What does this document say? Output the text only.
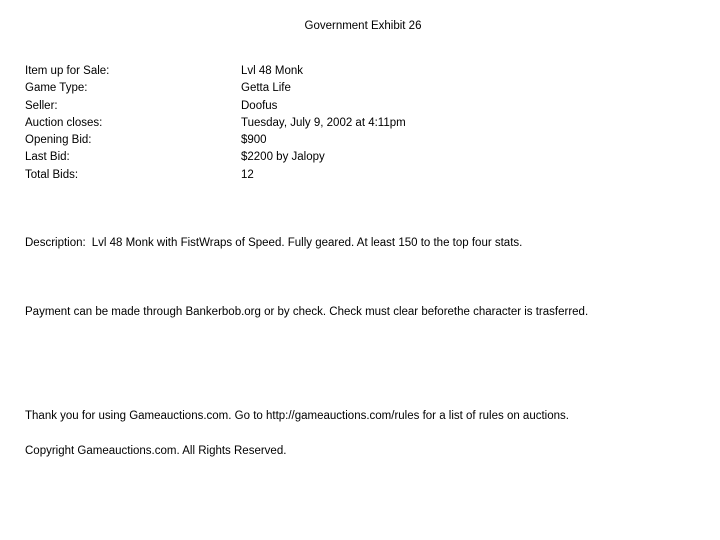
Government Exhibit 26
Item up for Sale:	Lvl 48 Monk
Game Type:	Getta Life
Seller:	Doofus
Auction closes:	Tuesday, July 9, 2002 at 4:11pm
Opening Bid:	$900
Last Bid:	$2200 by Jalopy
Total Bids:	12
Description: Lvl 48 Monk with FistWraps of Speed. Fully geared. At least 150 to the top four stats.
Payment can be made through Bankerbob.org or by check. Check must clear beforethe character is trasferred.
Thank you for using Gameauctions.com. Go to http://gameauctions.com/rules for a list of rules on auctions.
Copyright Gameauctions.com. All Rights Reserved.
